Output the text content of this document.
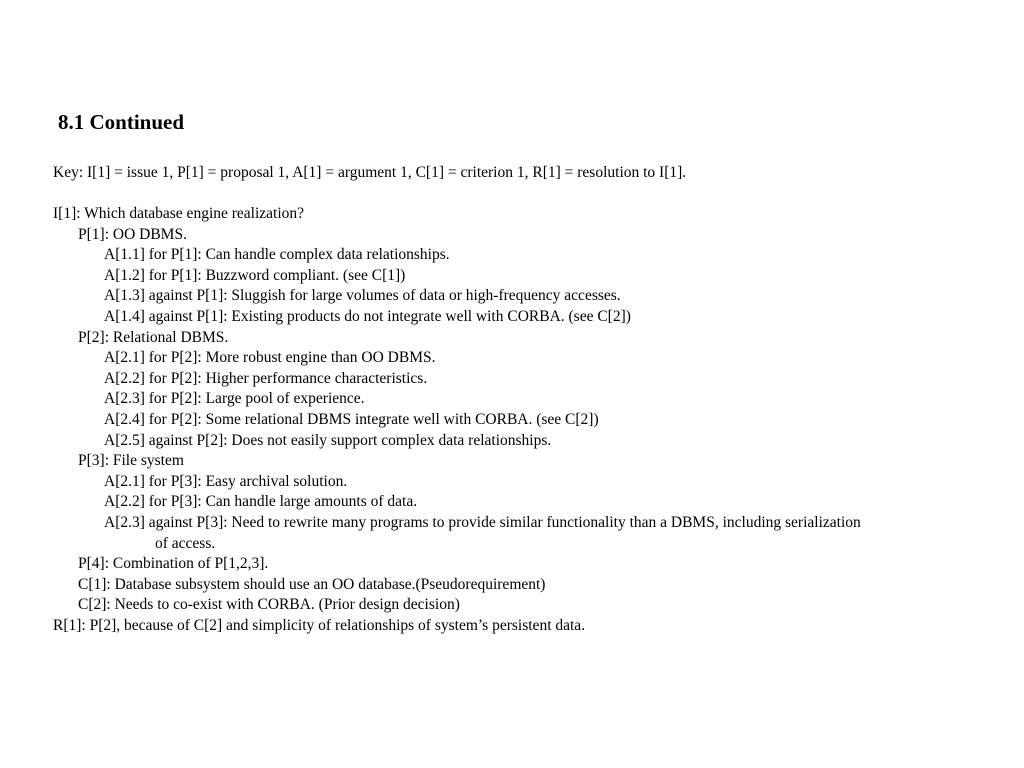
8.1 Continued

Key: I[1] = issue 1, P[1] = proposal 1, A[1] = argument 1, C[1] = criterion 1, R[1] = resolution to I[1].

I[1]: Which database engine realization?
P[1]: OO DBMS.
A[1.1] for P[1]: Can handle complex data relationships.
A[1.2] for P[1]: Buzzword compliant. (see C[1])
A[1.3] against P[1]: Sluggish for large volumes of data or high-frequency accesses.
A[1.4] against P[1]: Existing products do not integrate well with CORBA. (see C[2])
P[2]: Relational DBMS.
A[2.1] for P[2]: More robust engine than OO DBMS.
A[2.2] for P[2]: Higher performance characteristics.
A[2.3] for P[2]: Large pool of experience.
A[2.4] for P[2]: Some relational DBMS integrate well with CORBA. (see C[2])
A[2.5] against P[2]: Does not easily support complex data relationships.
P[3]: File system
A[2.1] for P[3]: Easy archival solution.
A[2.2] for P[3]: Can handle large amounts of data.
A[2.3] against P[3]: Need to rewrite many programs to provide similar functionality than a DBMS, including serialization
of access.
P[4]: Combination of P[1,2,3].
C[1]: Database subsystem should use an OO database.(Pseudorequirement)
C[2]: Needs to co-exist with CORBA. (Prior design decision)
R[1]: P[2], because of C[2] and simplicity of relationships of system’s persistent data.
